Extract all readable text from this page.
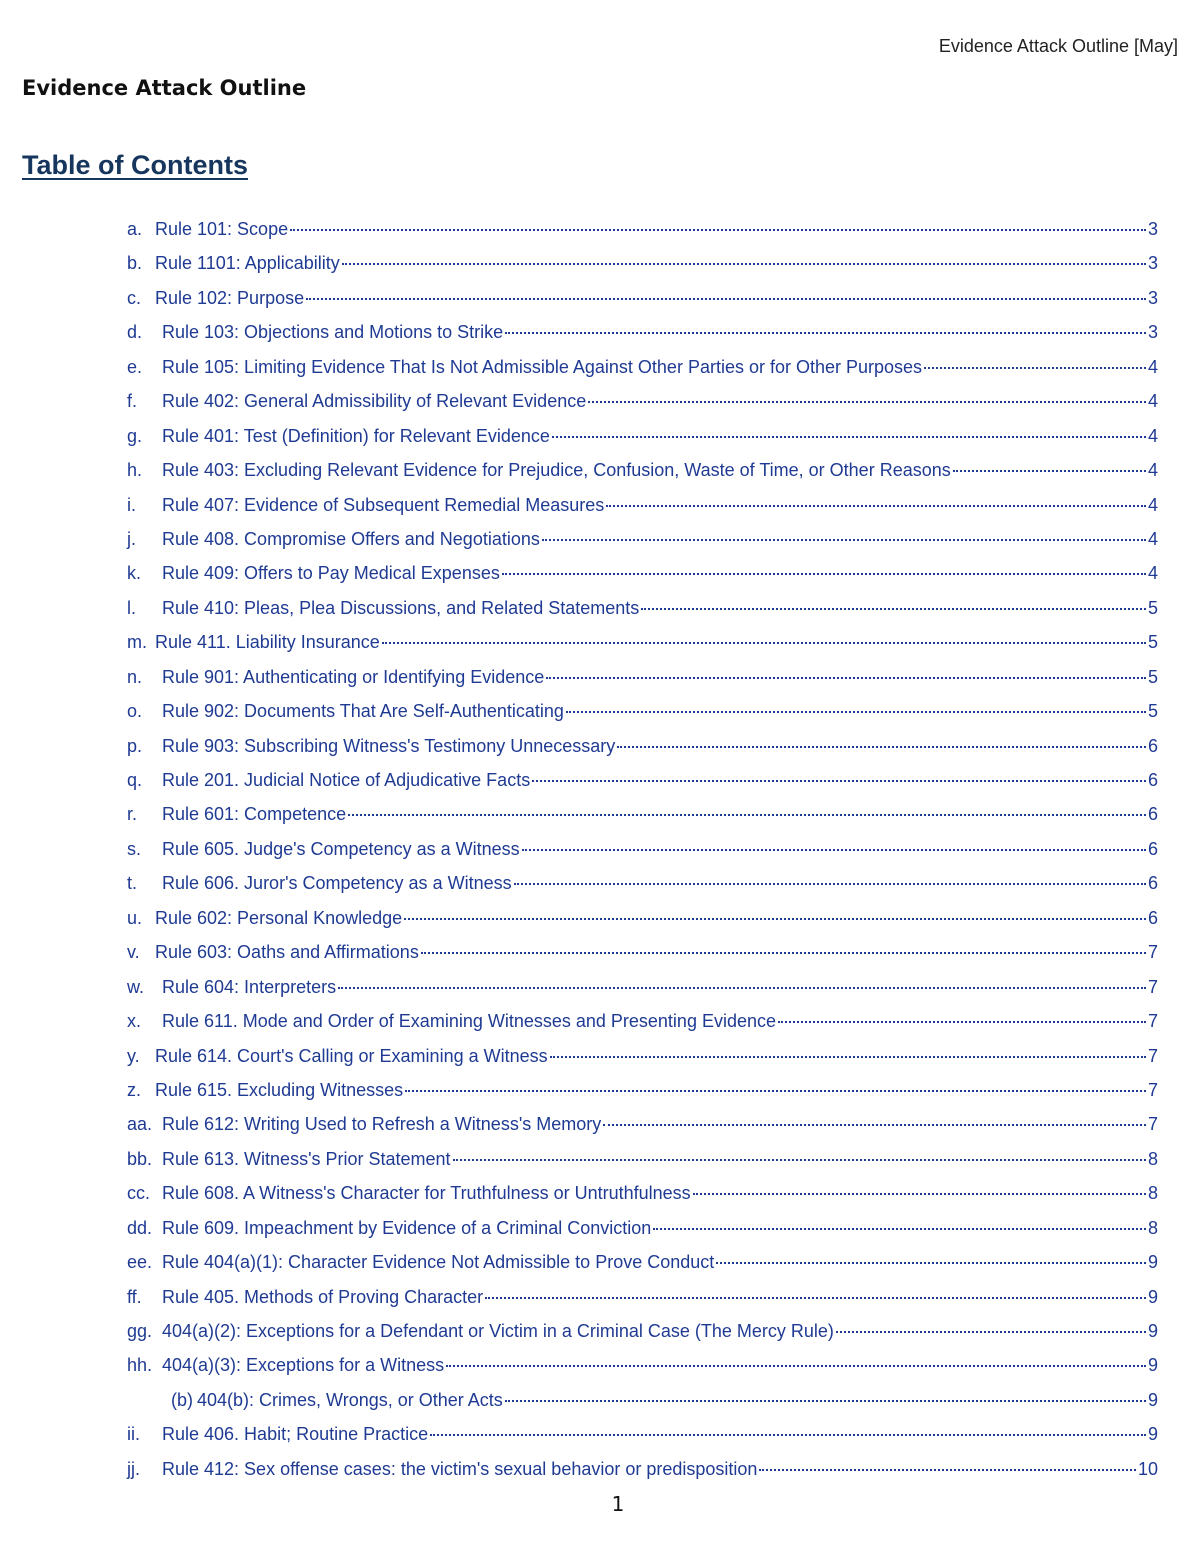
Evidence Attack Outline [May]
Evidence Attack Outline
Table of Contents
a. Rule 101: Scope	3
b. Rule 1101: Applicability	3
c. Rule 102: Purpose	3
d.	Rule 103: Objections and Motions to Strike	3
e.	Rule 105: Limiting Evidence That Is Not Admissible Against Other Parties or for Other Purposes	4
f.	Rule 402: General Admissibility of Relevant Evidence	4
g.	Rule 401: Test (Definition) for Relevant Evidence	4
h.	Rule 403: Excluding Relevant Evidence for Prejudice, Confusion, Waste of Time, or Other Reasons	4
i.	Rule 407: Evidence of Subsequent Remedial Measures	4
j.	Rule 408. Compromise Offers and Negotiations	4
k.	Rule 409: Offers to Pay Medical Expenses	4
l.	Rule 410: Pleas, Plea Discussions, and Related Statements	5
m. Rule 411. Liability Insurance	5
n.	Rule 901: Authenticating or Identifying Evidence	5
o.	Rule 902: Documents That Are Self-Authenticating	5
p.	Rule 903: Subscribing Witness's Testimony Unnecessary	6
q.	Rule 201. Judicial Notice of Adjudicative Facts	6
r.	Rule 601: Competence	6
s.	Rule 605. Judge's Competency as a Witness	6
t.	Rule 606. Juror's Competency as a Witness	6
u. Rule 602: Personal Knowledge	6
v. Rule 603: Oaths and Affirmations	7
w. Rule 604: Interpreters	7
x.	Rule 611. Mode and Order of Examining Witnesses and Presenting Evidence	7
y. Rule 614. Court's Calling or Examining a Witness	7
z. Rule 615. Excluding Witnesses	7
aa. Rule 612: Writing Used to Refresh a Witness's Memory	7
bb. Rule 613. Witness's Prior Statement	8
cc. Rule 608. A Witness's Character for Truthfulness or Untruthfulness	8
dd. Rule 609. Impeachment by Evidence of a Criminal Conviction	8
ee. Rule 404(a)(1): Character Evidence Not Admissible to Prove Conduct	9
ff.	Rule 405. Methods of Proving Character	9
gg. 404(a)(2): Exceptions for a Defendant or Victim in a Criminal Case (The Mercy Rule)	9
hh. 404(a)(3): Exceptions for a Witness	9
(b) 404(b): Crimes, Wrongs, or Other Acts	9
ii.	Rule 406. Habit; Routine Practice	9
jj.	Rule 412: Sex offense cases: the victim's sexual behavior or predisposition	10
1
